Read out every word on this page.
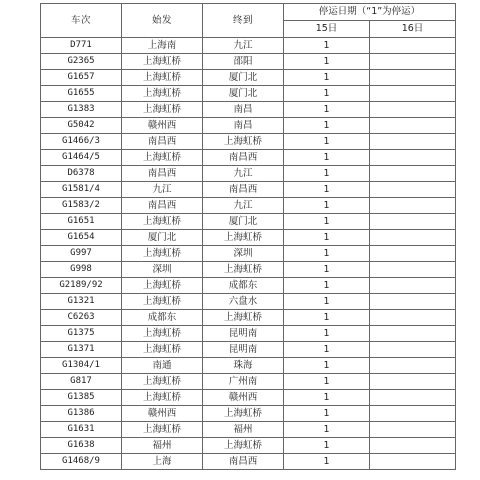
车次	始发	终到	停运日期（“1”为停运）	
			15日	16日
D771	上海南	九江	1	
G2365	上海虹桥	邵阳	1	
G1657	上海虹桥	厦门北	1	
G1655	上海虹桥	厦门北	1	
G1383	上海虹桥	南昌	1	
G5042	赣州西	南昌	1	
G1466/3	南昌西	上海虹桥	1	
G1464/5	上海虹桥	南昌西	1	
D6378	南昌西	九江	1	
G1581/4	九江	南昌西	1	
G1583/2	南昌西	九江	1	
G1651	上海虹桥	厦门北	1	
G1654	厦门北	上海虹桥	1	
G997	上海虹桥	深圳	1	
G998	深圳	上海虹桥	1	
G2189/92	上海虹桥	成都东	1	
G1321	上海虹桥	六盘水	1	
C6263	成都东	上海虹桥	1	
G1375	上海虹桥	昆明南	1	
G1371	上海虹桥	昆明南	1	
G1304/1	南通	珠海	1	
G817	上海虹桥	广州南	1	
G1385	上海虹桥	赣州西	1	
G1386	赣州西	上海虹桥	1	
G1631	上海虹桥	福州	1	
G1638	福州	上海虹桥	1	
G1468/9	上海	南昌西	1	
